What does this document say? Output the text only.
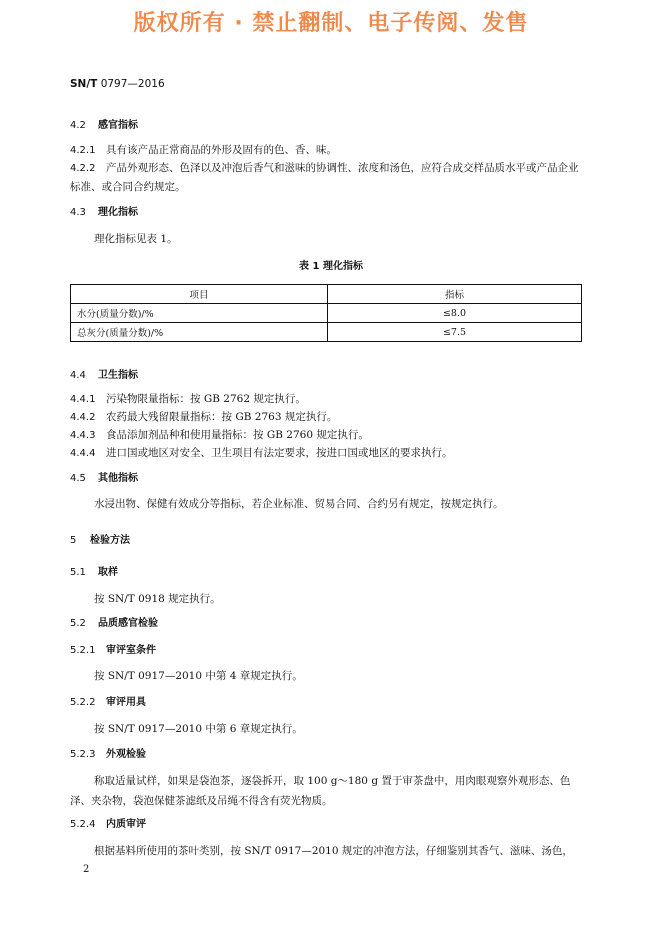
版权所有 · 禁止翻制、电子传阅、发售
SN/T 0797—2016
4.2 感官指标
4.2.1 具有该产品正常商品的外形及固有的色、香、味。
4.2.2 产品外观形态、色泽以及冲泡后香气和滋味的协调性、浓度和汤色，应符合成交样品质水平或产品企业标准、或合同合约规定。
4.3 理化指标
理化指标见表 1。
表 1 理化指标
项目	指标
水分(质量分数)/%	≤8.0
总灰分(质量分数)/%	≤7.5
4.4 卫生指标
4.4.1 污染物限量指标：按 GB 2762 规定执行。
4.4.2 农药最大残留限量指标：按 GB 2763 规定执行。
4.4.3 食品添加剂品种和使用量指标：按 GB 2760 规定执行。
4.4.4 进口国或地区对安全、卫生项目有法定要求，按进口国或地区的要求执行。
4.5 其他指标
水浸出物、保健有效成分等指标，若企业标准、贸易合同、合约另有规定，按规定执行。
5 检验方法
5.1 取样
按 SN/T 0918 规定执行。
5.2 品质感官检验
5.2.1 审评室条件
按 SN/T 0917—2010 中第 4 章规定执行。
5.2.2 审评用具
按 SN/T 0917—2010 中第 6 章规定执行。
5.2.3 外观检验
称取适量试样，如果是袋泡茶，逐袋拆开，取 100 g～180 g 置于审茶盘中，用肉眼观察外观形态、色泽、夹杂物，袋泡保健茶滤纸及吊绳不得含有荧光物质。
5.2.4 内质审评
根据基料所使用的茶叶类别，按 SN/T 0917—2010 规定的冲泡方法，仔细鉴别其香气、滋味、汤色，
2
